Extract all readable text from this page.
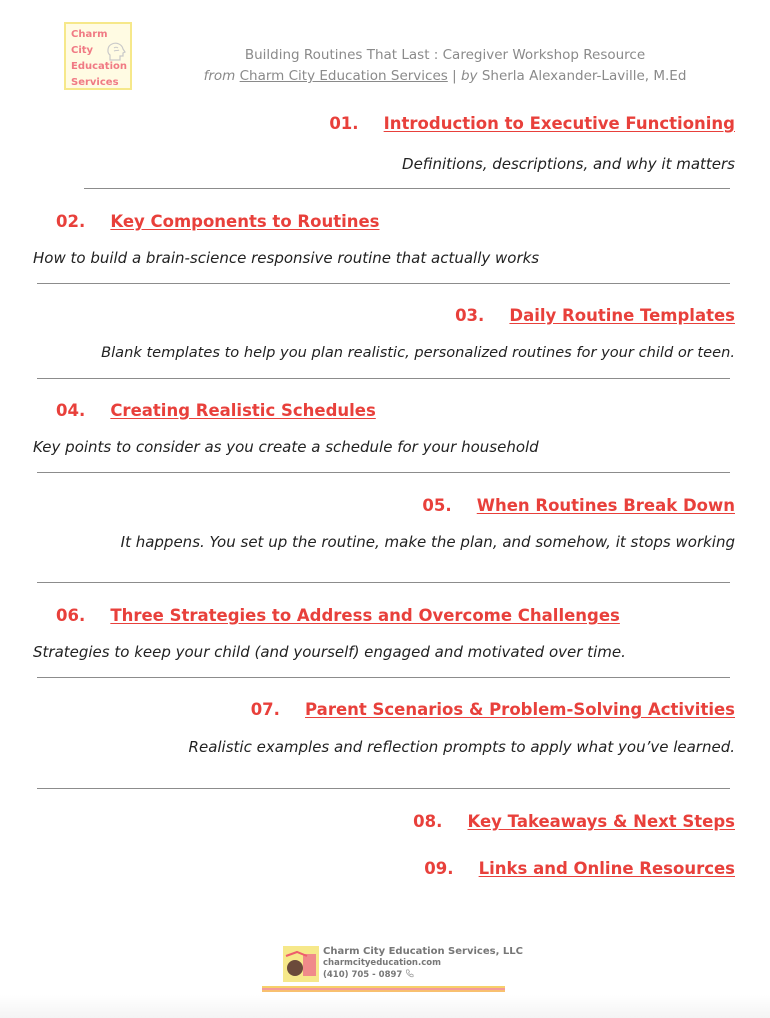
Charm
City
Education
Services
Building Routines That Last : Caregiver Workshop Resource
from Charm City Education Services | by Sherla Alexander-Laville, M.Ed
01. Introduction to Executive Functioning
Definitions, descriptions, and why it matters
02. Key Components to Routines
How to build a brain-science responsive routine that actually works
03. Daily Routine Templates
Blank templates to help you plan realistic, personalized routines for your child or teen.
04. Creating Realistic Schedules
Key points to consider as you create a schedule for your household
05. When Routines Break Down
It happens. You set up the routine, make the plan, and somehow, it stops working
06. Three Strategies to Address and Overcome Challenges
Strategies to keep your child (and yourself) engaged and motivated over time.
07. Parent Scenarios & Problem-Solving Activities
Realistic examples and reflection prompts to apply what you’ve learned.
08. Key Takeaways & Next Steps
09. Links and Online Resources
Charm City Education Services, LLC
charmcityeducation.com
(410) 705 - 0897
